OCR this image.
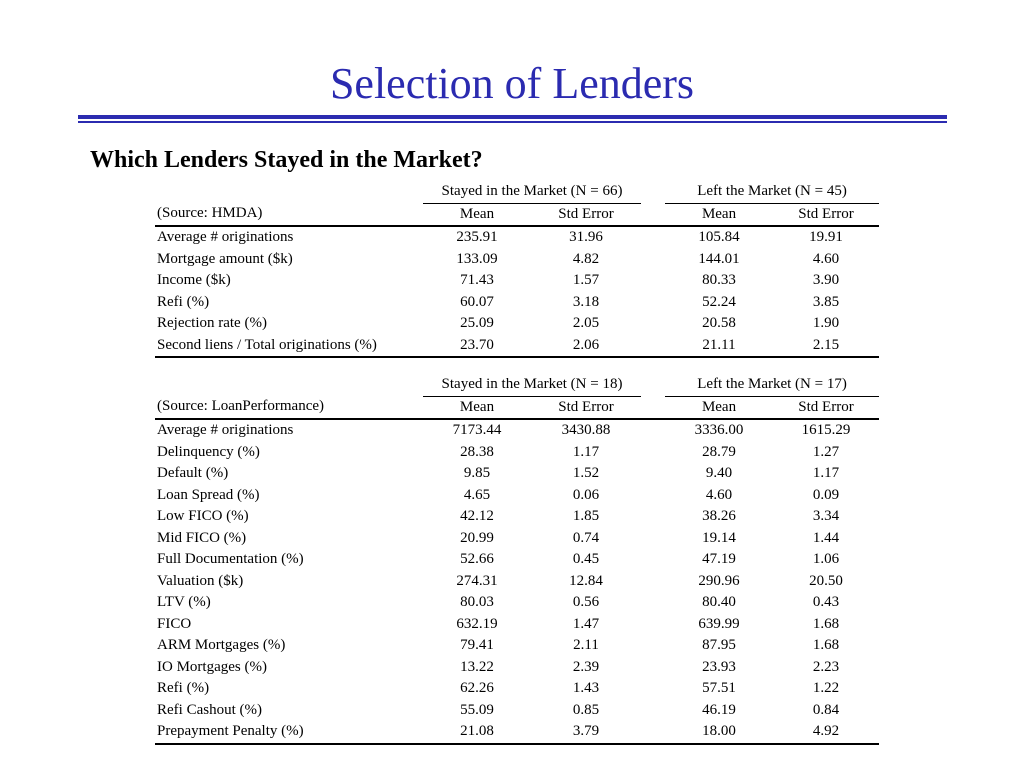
Selection of Lenders
Which Lenders Stayed in the Market?
	Stayed in the Market (N = 66)			Left the Market (N = 45)	
(Source: HMDA)	Mean	Std Error		Mean	Std Error
Average # originations	235.91	31.96		105.84	19.91
Mortgage amount ($k)	133.09	4.82		144.01	4.60
Income ($k)	71.43	1.57		80.33	3.90
Refi (%)	60.07	3.18		52.24	3.85
Rejection rate (%)	25.09	2.05		20.58	1.90
Second liens / Total originations (%)	23.70	2.06		21.11	2.15
	Stayed in the Market (N = 18)			Left the Market (N = 17)	
(Source: LoanPerformance)	Mean	Std Error		Mean	Std Error
Average # originations	7173.44	3430.88		3336.00	1615.29
Delinquency (%)	28.38	1.17		28.79	1.27
Default (%)	9.85	1.52		9.40	1.17
Loan Spread (%)	4.65	0.06		4.60	0.09
Low FICO (%)	42.12	1.85		38.26	3.34
Mid FICO (%)	20.99	0.74		19.14	1.44
Full Documentation (%)	52.66	0.45		47.19	1.06
Valuation ($k)	274.31	12.84		290.96	20.50
LTV (%)	80.03	0.56		80.40	0.43
FICO	632.19	1.47		639.99	1.68
ARM Mortgages (%)	79.41	2.11		87.95	1.68
IO Mortgages (%)	13.22	2.39		23.93	2.23
Refi (%)	62.26	1.43		57.51	1.22
Refi Cashout (%)	55.09	0.85		46.19	0.84
Prepayment Penalty (%)	21.08	3.79		18.00	4.92
